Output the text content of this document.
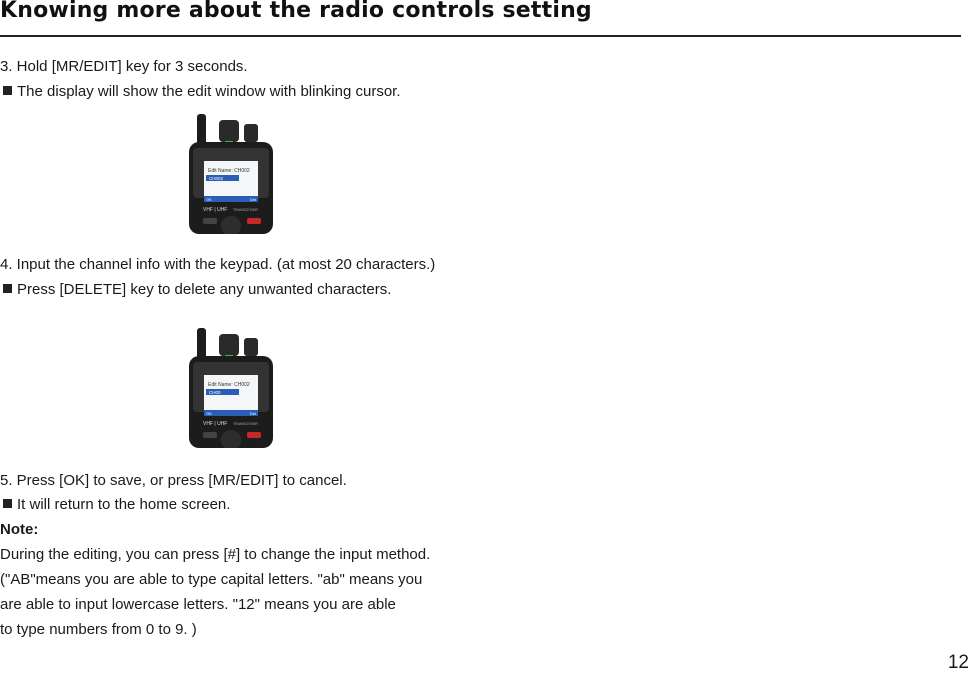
Knowing more about the radio controls setting
3. Hold [MR/EDIT] key for 3 seconds.
The display will show the edit window with blinking cursor.
Edit Name: CH002
CH002
OK	Del
VHF | UHF TRANSCEIVER
4. Input the channel info with the keypad. (at most 20 characters.)
Press [DELETE] key to delete any unwanted characters.
Edit Name: CH002
CH00
OK	Del
VHF | UHF TRANSCEIVER
5. Press [OK] to save, or press [MR/EDIT] to cancel.
It will return to the home screen.
Note:
During the editing, you can press [#] to change the input method.
("AB"means you are able to type capital letters. "ab" means you
are able to input lowercase letters. "12" means you are able
to type numbers from 0 to 9. )
12
